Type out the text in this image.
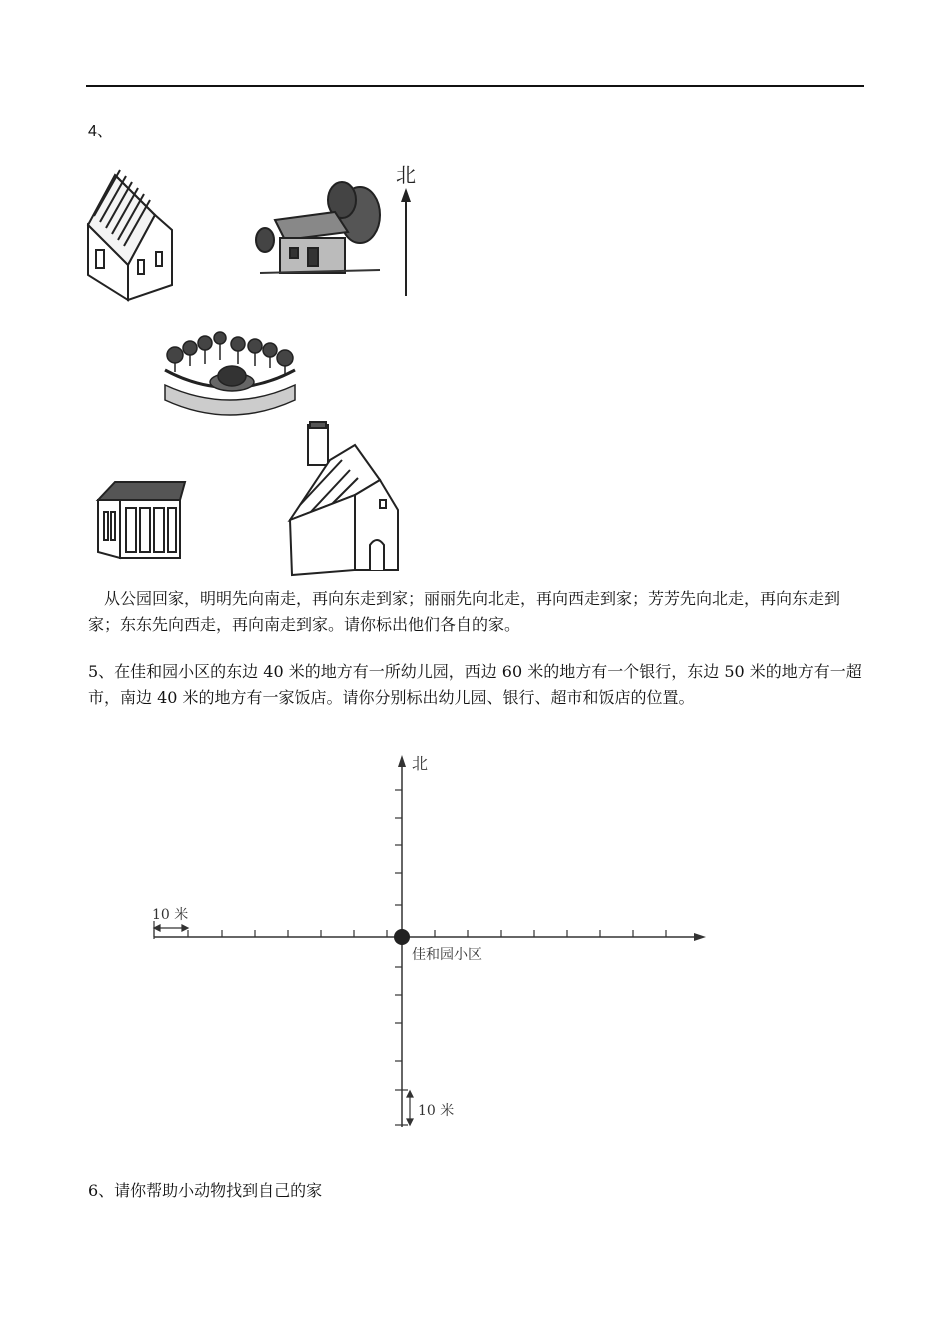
4、
北
从公园回家，明明先向南走，再向东走到家；丽丽先向北走，再向西走到家；芳芳先向北走，再向东走到家；东东先向西走，再向南走到家。请你标出他们各自的家。
5、在佳和园小区的东边 40 米的地方有一所幼儿园，西边 60 米的地方有一个银行，东边 50 米的地方有一超市，南边 40 米的地方有一家饭店。请你分别标出幼儿园、银行、超市和饭店的位置。
北
10 米
10 米
佳和园小区
6、请你帮助小动物找到自己的家
